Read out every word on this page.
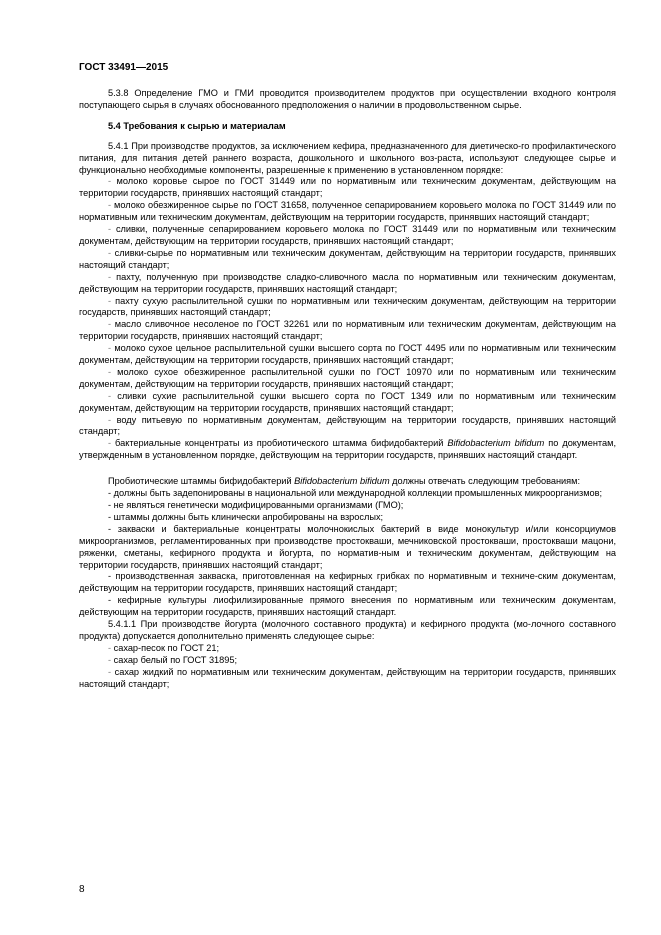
ГОСТ 33491—2015

5.3.8 Определение ГМО и ГМИ проводится производителем продуктов при осуществлении входного контроля поступающего сырья в случаях обоснованного предположения о наличии в продовольственном сырье.

5.4 Требования к сырью и материалам

5.4.1 При производстве продуктов, за исключением кефира, предназначенного для диетическо-го профилактического питания, для питания детей раннего возраста, дошкольного и школьного воз-раста, используют следующее сырье и функционально необходимые компоненты, разрешенные к применению в установленном порядке:

- молоко коровье сырое по ГОСТ 31449 или по нормативным или техническим документам, действующим на территории государств, принявших настоящий стандарт;

- молоко обезжиренное сырье по ГОСТ 31658, полученное сепарированием коровьего молока по ГОСТ 31449 или по нормативным или техническим документам, действующим на территории государств, принявших настоящий стандарт;

- сливки, полученные сепарированием коровьего молока по ГОСТ 31449 или по нормативным или техническим документам, действующим на территории государств, принявших настоящий стандарт;

- сливки-сырье по нормативным или техническим документам, действующим на территории государств, принявших настоящий стандарт;

- пахту, полученную при производстве сладко-сливочного масла по нормативным или техническим документам, действующим на территории государств, принявших настоящий стандарт;

- пахту сухую распылительной сушки по нормативным или техническим документам, действующим на территории государств, принявших настоящий стандарт;

- масло сливочное несоленое по ГОСТ 32261 или по нормативным или техническим документам, действующим на территории государств, принявших настоящий стандарт;

- молоко сухое цельное распылительной сушки высшего сорта по ГОСТ 4495 или по нормативным или техническим документам, действующим на территории государств, принявших настоящий стандарт;

- молоко сухое обезжиренное распылительной сушки по ГОСТ 10970 или по нормативным или техническим документам, действующим на территории государств, принявших настоящий стандарт;

- сливки сухие распылительной сушки высшего сорта по ГОСТ 1349 или по нормативным или техническим документам, действующим на территории государств, принявших настоящий стандарт;

- воду питьевую по нормативным документам, действующим на территории государств, принявших настоящий стандарт;

- бактериальные концентраты из пробиотического штамма бифидобактерий Bifidobacterium bifidum по документам, утвержденным в установленном порядке, действующим на территории государств, принявших настоящий стандарт.

Пробиотические штаммы бифидобактерий Bifidobacterium bifidum должны отвечать следующим требованиям:

- должны быть задепонированы в национальной или международной коллекции промышленных микроорганизмов;

- не являться генетически модифицированными организмами (ГМО);

- штаммы должны быть клинически апробированы на взрослых;

- закваски и бактериальные концентраты молочнокислых бактерий в виде монокультур и/или консорциумов микроорганизмов, регламентированных при производстве простокваши, мечниковской простокваши, простокваши мацони, ряженки, сметаны, кефирного продукта и йогурта, по норматив-ным и техническим документам, действующим на территории государств, принявших настоящий стандарт;

- производственная закваска, приготовленная на кефирных грибках по нормативным и техниче-ским документам, действующим на территории государств, принявших настоящий стандарт;

- кефирные культуры лиофилизированные прямого внесения по нормативным или техническим документам, действующим на территории государств, принявших настоящий стандарт.

5.4.1.1 При производстве йогурта (молочного составного продукта) и кефирного продукта (мо-лочного составного продукта) допускается дополнительно применять следующее сырье:

- сахар-песок по ГОСТ 21;

- сахар белый по ГОСТ 31895;

- сахар жидкий по нормативным или техническим документам, действующим на территории государств, принявших настоящий стандарт;

8
